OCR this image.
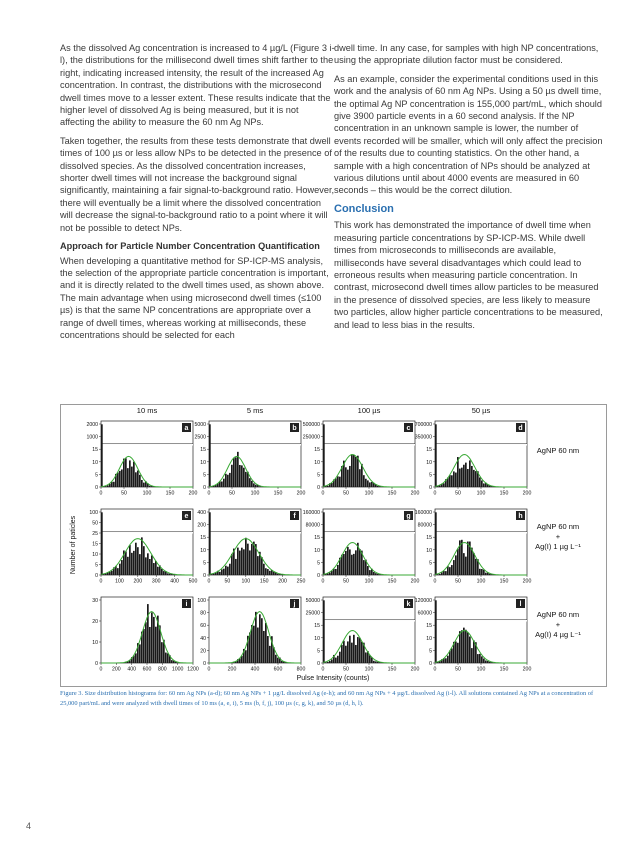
As the dissolved Ag concentration is increased to 4 µg/L (Figure 3 i-l), the distributions for the millisecond dwell times shift farther to the right, indicating increased intensity, the result of the increased Ag concentration. In contrast, the distributions with the microsecond dwell times move to a lesser extent. These results indicate that the higher level of dissolved Ag is being measured, but it is not affecting the ability to measure the 60 nm Ag NPs.

Taken together, the results from these tests demonstrate that dwell times of 100 µs or less allow NPs to be detected in the presence of dissolved species. As the dissolved concentration increases, shorter dwell times will not increase the background signal significantly, maintaining a fair signal-to-background ratio. However, there will eventually be a limit where the dissolved concentration will decrease the signal-to-background ratio to a point where it will not be possible to detect NPs.

Approach for Particle Number Concentration Quantification

When developing a quantitative method for SP-ICP-MS analysis, the selection of the appropriate particle concentration is important, and it is directly related to the dwell times used, as shown above. The main advantage when using microsecond dwell times (≤100 µs) is that the same NP concentrations are appropriate over a range of dwell times, whereas working at milliseconds, these concentrations should be selected for each

dwell time. In any case, for samples with high NP concentrations, using the appropriate dilution factor must be considered.

As an example, consider the experimental conditions used in this work and the analysis of 60 nm Ag NPs. Using a 50 µs dwell time, the optimal Ag NP concentration is 155,000 part/mL, which should give 3900 particle events in a 60 second analysis. If the NP concentration in an unknown sample is lower, the number of events recorded will be smaller, which will only affect the precision of the results due to counting statistics. On the other hand, a sample with a high concentration of NPs should be analyzed at various dilutions until about 4000 events are measured in 60 seconds – this would be the correct dilution.

Conclusion

This work has demonstrated the importance of dwell time when measuring particle concentrations by SP-ICP-MS. While dwell times from microseconds to milliseconds are available, milliseconds have several disadvantages which could lead to erroneous results when measuring particle concentration. In contrast, microsecond dwell times allow particles to be measured in the presence of dissolved species, are less likely to measure two particles, allow higher particle concentrations to be measured, and lead to less bias in the results.

10 ms	5 ms	100 µs	50 µs
Number of paticles
Pulse Intensity (counts)
AgNP 60 nm
AgNP 60 nm
+
Ag(I) 1 µg L⁻¹
AgNP 60 nm
+
Ag(I) 4 µg L⁻¹
a
2000
1000
15
10
5
0
0	50	100	150	200
b
5000
2500
15
10
5
0
0	50	100	150	200
c
500000
250000
15
10
5
0
0	50	100	150	200
d
700000
350000
15
10
5
0
0	50	100	150	200
e
100
50
25
15
10
5
0
0 100 200 300 400 500
f
400
200
15
10
5
0
0	50 100 150 200 250
g
160000
80000
15
10
5
0
0	50	100	150	200
h
160000
80000
15
10
5
0
0	50	100	150	200
i
30
20
10
0
0 200 400 600 800 1000 1200
j
100
80
60
40
20
0
0	200	400	600	800
k
50000
25000
15
10
5
0
0	50	100	150	200
l
120000
60000
15
10
5
0
0	50	100	150	200
Figure 3. Size distribution histograms for: 60 nm Ag NPs (a-d); 60 nm Ag NPs + 1 µg/L dissolved Ag (e-h); and 60 nm Ag NPs + 4 µg/L dissolved Ag (i-l). All solutions contained Ag NPs at a concentration of 25,000 part/mL and were analyzed with dwell times of 10 ms (a, e, i), 5 ms (b, f, j), 100 µs (c, g, k), and 50 µs (d, h, l).
4
